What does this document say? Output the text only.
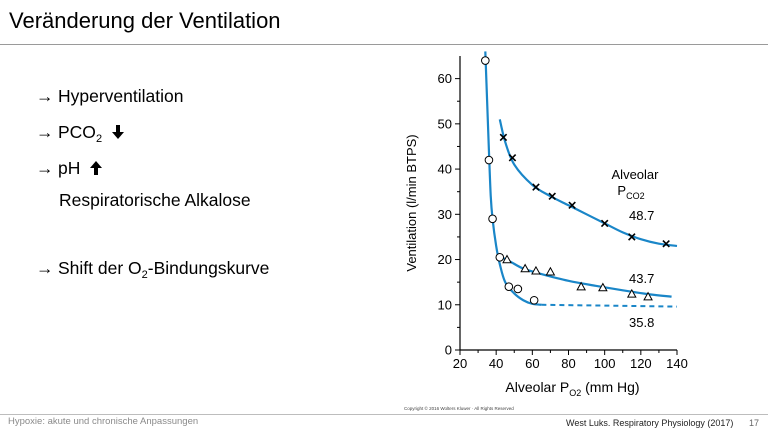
Veränderung der Ventilation
→ Hyperventilation
→ $PCO_2$
→ pH
Respiratorische Alkalose
→ Shift der $O_2$-Bindungskurve
0
10
20
30
40
50
60
20 40 60 80 100 120 140
Ventilation (l/min BTPS)
Alveolar $P_{O2}$ (mm Hg)
Alveolar
$P_{CO2}$
48.7
43.7
35.8
Copyright © 2016 Wolters Kluwer · All Rights Reserved
Hypoxie: akute und chronische Anpassungen	West Luks. Respiratory Physiology (2017) 17
